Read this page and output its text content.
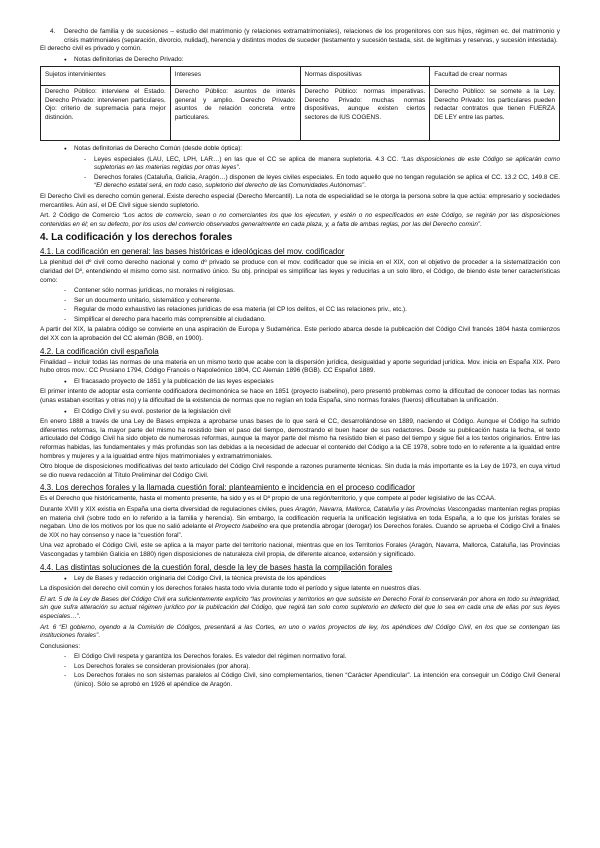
4.	Derecho de familia y de sucesiones – estudio del matrimonio (y relaciones extramatrimoniales), relaciones de los progenitores con sus hijos, régimen ec. del matrimonio y crisis matrimoniales (separación, divorcio, nulidad), herencia y distintos modos de suceder (testamento y sucesión testada, sist. de legítimas y reservas, y sucesión intestada).

El derecho civil es privado y común.

● Notas definitorias de Derecho Privado:
Sujetos intervinientes	Intereses	Normas dispositivas	Facultad de crear normas
Derecho Público: interviene el Estado. Derecho Privado: intervienen particulares. Ojo: criterio de supremacía para mejor distinción.	Derecho Público: asuntos de interés general y amplio. Derecho Privado: asuntos de relación concreta entre particulares.	Derecho Público: normas imperativas. Derecho Privado: muchas normas dispositivas, aunque existen ciertos sectores de IUS COGENS.	Derecho Público: se somete a la Ley. Derecho Privado: los particulares pueden redactar contratos que tienen FUERZA DE LEY entre las partes.
● Notas definitorias de Derecho Común (desde doble óptica):
- Leyes especiales (LAU, LEC, LPH, LAR…) en las que el CC se aplica de manera supletoria. 4.3 CC. “Las disposiciones de este Código se aplicarán como supletorias en las materias regidas por otras leyes”.
- Derechos forales (Cataluña, Galicia, Aragón…) disponen de leyes civiles especiales. En todo aquello que no tengan regulación se aplica el CC. 13.2 CC, 149.8 CE. “El derecho estatal será, en todo caso, supletorio del derecho de las Comunidades Autónomas”.

El Derecho Civil es derecho común general. Existe derecho especial (Derecho Mercantil). La nota de especialidad se le otorga la persona sobre la que actúa: empresario y sociedades mercantiles. Aún así, el DE Civil sigue siendo supletorio.

Art. 2 Código de Comercio “Los actos de comercio, sean o no comerciantes los que los ejecuten, y estén o no especificados en este Código, se regirán por las disposiciones contenidas en él; en su defecto, por los usos del comercio observados generalmente en cada plaza, y, a falta de ambas reglas, por las del Derecho común”.

4. La codificación y los derechos forales
4.1. La codificación en general: las bases históricas e ideológicas del mov. codificador

La plenitud del dº civil como derecho nacional y como dº privado se produce con el mov. codificador que se inicia en el XIX, con el objetivo de proceder a la sistematización con claridad del Dº, entendiendo el mismo como sist. normativo único. Su obj. principal es simplificar las leyes y reducirlas a un solo libro, el Código, de biendo éste tener características como:

- Contener sólo normas jurídicas, no morales ni religiosas.
- Ser un documento unitario, sistemático y coherente.
- Regular de modo exhaustivo las relaciones jurídicas de esa materia (el CP los delitos, el CC las relaciones priv., etc.).
- Simplificar el derecho para hacerlo más comprensible al ciudadano.

A partir del XIX, la palabra código se convierte en una aspiración de Europa y Sudamérica. Este período abarca desde la publicación del Código Civil francés 1804 hasta comienzos del XX con la aprobación del CC alemán (BGB, en 1900).

4.2. La codificación civil española

Finalidad – incluir todas las normas de una materia en un mismo texto que acabe con la dispersión jurídica, desigualdad y aporte seguridad jurídica. Mov. inicia en España XIX. Pero hubo otros mov.: CC Prusiano 1794, Código Francés o Napoleónico 1804, CC Alemán 1896 (BGB). CC Español 1889.

● El fracasado proyecto de 1851 y la publicación de las leyes especiales

El primer intento de adoptar esta corriente codificadora decimonónica se hace en 1851 (proyecto isabelino), pero presentó problemas como la dificultad de conocer todas las normas (unas estaban escritas y otras no) y la dificultad de la existencia de normas que no regían en toda España, sino normas forales (fueros) dificultaban la unificación.

● El Código Civil y su evol. posterior de la legislación civil

En enero 1888 a través de una Ley de Bases empieza a aprobarse unas bases de lo que será el CC, desarrollándose en 1889, naciendo el Código. Aunque el Código ha sufrido diferentes reformas, la mayor parte del mismo ha resistido bien el paso del tiempo, demostrando el buen hacer de sus redactores. Desde su publicación hasta la fecha, el texto articulado del Código Civil ha sido objeto de numerosas reformas, aunque la mayor parte del mismo ha resistido bien el paso del tiempo y sigue fiel a los textos originarios. Entre las reformas habidas, las fundamentales y más profundas son las debidas a la necesidad de adecuar el contenido del Código a la CE 1978, sobre todo en lo referente a la igualdad entre hombres y mujeres y a la igualdad entre hijos matrimoniales y extramatrimoniales.

Otro bloque de disposiciones modificativas del texto articulado del Código Civil responde a razones puramente técnicas. Sin duda la más importante es la Ley de 1973, en cuya virtud se dio nueva redacción al Título Preliminar del Código Civil.

4.3. Los derechos forales y la llamada cuestión foral: planteamiento e incidencia en el proceso codificador

Es el Derecho que históricamente, hasta el momento presente, ha sido y es el Dº propio de una región/territorio, y que compete al poder legislativo de las CCAA.

Durante XVIII y XIX existía en España una cierta diversidad de regulaciones civiles, pues Aragón, Navarra, Mallorca, Cataluña y las Provincias Vascongadas mantenían reglas propias en materia civil (sobre todo en lo referido a la familia y herencia). Sin embargo, la codificación requería la unificación legislativa en toda España, a lo que los juristas forales se negaban. Uno de los motivos por los que no salió adelante el Proyecto Isabelino era que pretendía abrogar (derogar) los Derechos forales. Cuando se aprueba el Código Civil a finales de XIX no hay consenso y nace la “cuestión foral”.

Una vez aprobado el Código Civil, este se aplica a la mayor parte del territorio nacional, mientras que en los Territorios Forales (Aragón, Navarra, Mallorca, Cataluña, las Provincias Vascongadas y también Galicia en 1880) rigen disposiciones de naturaleza civil propia, de diferente alcance, extensión y significado.

4.4. Las distintas soluciones de la cuestión foral, desde la ley de bases hasta la compilación forales
● Ley de Bases y redacción originaria del Código Civil, la técnica prevista de los apéndices

La disposición del derecho civil común y los derechos forales hasta todo vivía durante todo el período y sigue latente en nuestros días.

El art. 5 de la Ley de Bases del Código Civil era suficientemente explícito “las provincias y territorios en que subsiste en Derecho Foral lo conservarán por ahora en todo su integridad, sin que sufra alteración su actual régimen jurídico por la publicación del Código, que regirá tan solo como supletorio en defecto del que lo sea en cada una de ellas por sus leyes especiales…”.

Art. 6 “El gobierno, oyendo a la Comisión de Códigos, presentará a las Cortes, en uno o varios proyectos de ley, los apéndices del Código Civil, en los que se contengan las instituciones forales”.

Conclusiones:

- El Código Civil respeta y garantiza los Derechos forales. Es valedor del régimen normativo foral.
- Los Derechos forales se consideran provisionales (por ahora).
- Los Derechos forales no son sistemas paralelos al Código Civil, sino complementarios, tienen “Carácter Apendicular”. La intención era conseguir un Código Civil General (único). Sólo se aprobó en 1926 el apéndice de Aragón.
